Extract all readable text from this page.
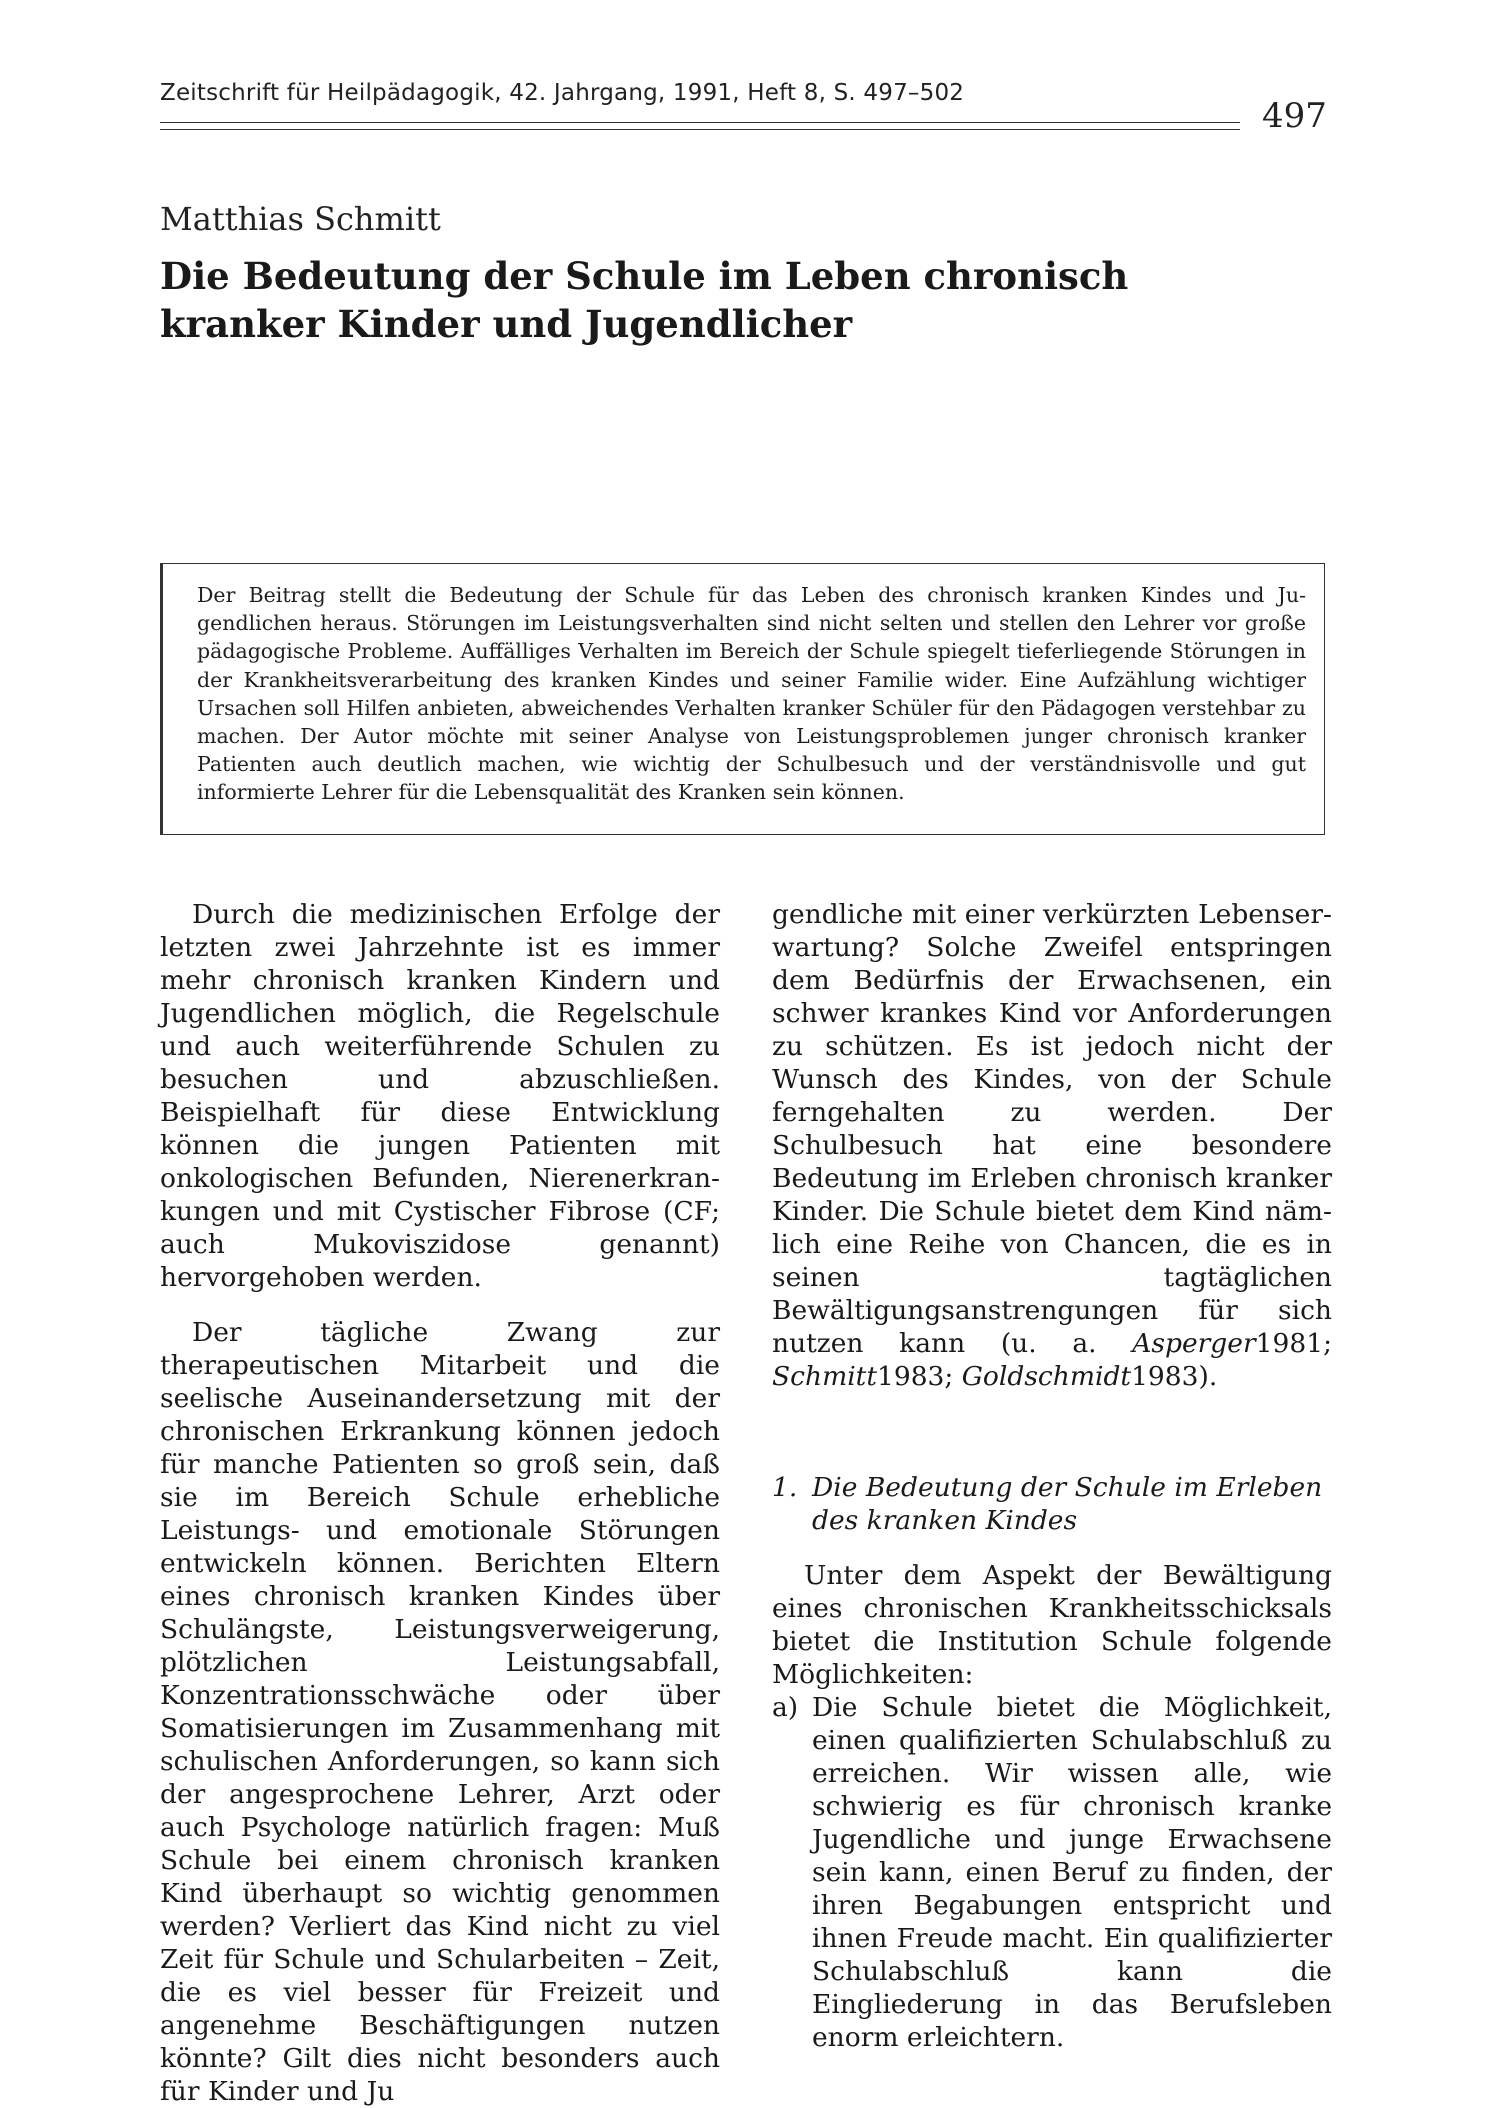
Zeitschrift für Heilpädagogik, 42. Jahrgang, 1991, Heft 8, S. 497–502
497
Matthias Schmitt
Die Bedeutung der Schule im Leben chronisch kranker Kinder und Jugendlicher

Der Beitrag stellt die Bedeutung der Schule für das Leben des chronisch kranken Kindes und Jugendlichen heraus. Störungen im Leistungsverhalten sind nicht selten und stellen den Lehrer vor große pädagogische Probleme. Auffälliges Verhalten im Bereich der Schule spiegelt tieferliegende Störungen in der Krankheitsverarbeitung des kranken Kindes und seiner Familie wider. Eine Aufzählung wichtiger Ursachen soll Hilfen anbieten, abweichendes Verhalten kranker Schüler für den Pädagogen verstehbar zu machen. Der Autor möchte mit seiner Analyse von Leistungsproblemen junger chronisch kranker Patienten auch deutlich machen, wie wichtig der Schulbesuch und der verständnisvolle und gut informierte Lehrer für die Lebensqualität des Kranken sein können.

Durch die medizinischen Erfolge der letzten zwei Jahrzehnte ist es immer mehr chronisch kranken Kindern und Jugendlichen möglich, die Regelschule und auch weiterführende Schulen zu besuchen und abzuschließen. Beispielhaft für diese Entwicklung können die jungen Patienten mit onkologischen Befunden, Nierenerkrankungen und mit Cystischer Fibrose (CF; auch Mukoviszidose genannt) hervorgehoben werden.

Der tägliche Zwang zur therapeutischen Mitarbeit und die seelische Auseinandersetzung mit der chronischen Erkrankung können jedoch für manche Patienten so groß sein, daß sie im Bereich Schule erhebliche Leistungs- und emotionale Störungen entwickeln können. Berichten Eltern eines chronisch kranken Kindes über Schulängste, Leistungsverweigerung, plötzlichen Leistungsabfall, Konzentrationsschwäche oder über Somatisierungen im Zusammenhang mit schulischen Anforderungen, so kann sich der angesprochene Lehrer, Arzt oder auch Psychologe natürlich fragen: Muß Schule bei einem chronisch kranken Kind überhaupt so wichtig genommen werden? Verliert das Kind nicht zu viel Zeit für Schule und Schularbeiten – Zeit, die es viel besser für Freizeit und angenehme Beschäftigungen nutzen könnte? Gilt dies nicht besonders auch für Kinder und Ju

gendliche mit einer verkürzten Lebenserwartung? Solche Zweifel entspringen dem Bedürfnis der Erwachsenen, ein schwer krankes Kind vor Anforderungen zu schützen. Es ist jedoch nicht der Wunsch des Kindes, von der Schule ferngehalten zu werden. Der Schulbesuch hat eine besondere Bedeutung im Erleben chronisch kranker Kinder. Die Schule bietet dem Kind nämlich eine Reihe von Chancen, die es in seinen tagtäglichen Bewältigungsanstrengungen für sich nutzen kann (u. a. Asperger1981; Schmitt1983; Goldschmidt1983).

1. Die Bedeutung der Schule im Erleben des kranken Kindes

Unter dem Aspekt der Bewältigung eines chronischen Krankheitsschicksals bietet die Institution Schule folgende Möglichkeiten:

a) Die Schule bietet die Möglichkeit, einen qualifizierten Schulabschluß zu erreichen. Wir wissen alle, wie schwierig es für chronisch kranke Jugendliche und junge Erwachsene sein kann, einen Beruf zu finden, der ihren Begabungen entspricht und ihnen Freude macht. Ein qualifizierter Schulabschluß kann die Eingliederung in das Berufsleben enorm erleichtern.
